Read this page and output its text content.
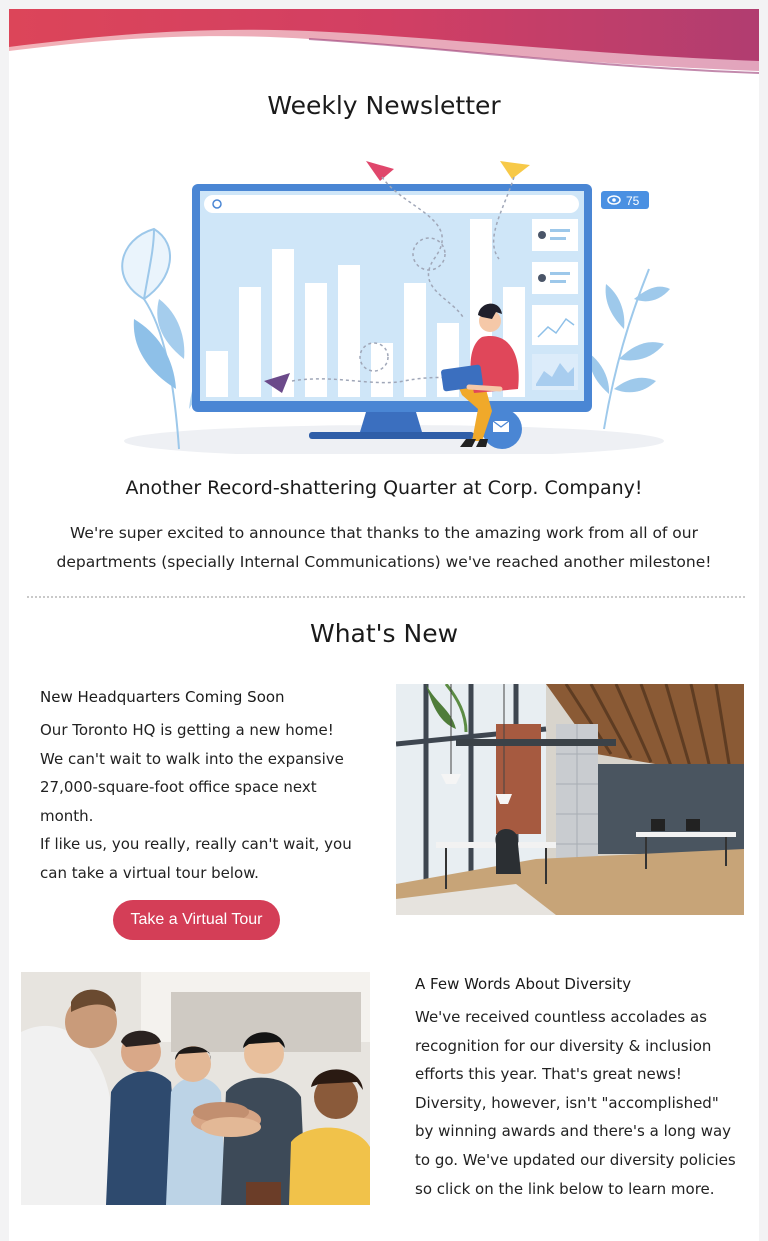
Weekly Newsletter
75
Another Record-shattering Quarter at Corp. Company!
We're super excited to announce that thanks to the amazing work from all of our departments (specially Internal Communications) we've reached another milestone!
What's New
New Headquarters Coming Soon

Our Toronto HQ is getting a new home! We can't wait to walk into the expansive 27,000-square-foot office space next month.

If like us, you really, really can't wait, you can take a virtual tour below.

Take a Virtual Tour
A Few Words About Diversity

We've received countless accolades as recognition for our diversity & inclusion efforts this year. That's great news! Diversity, however, isn't "accomplished" by winning awards and there's a long way to go. We've updated our diversity policies so click on the link below to learn more.
